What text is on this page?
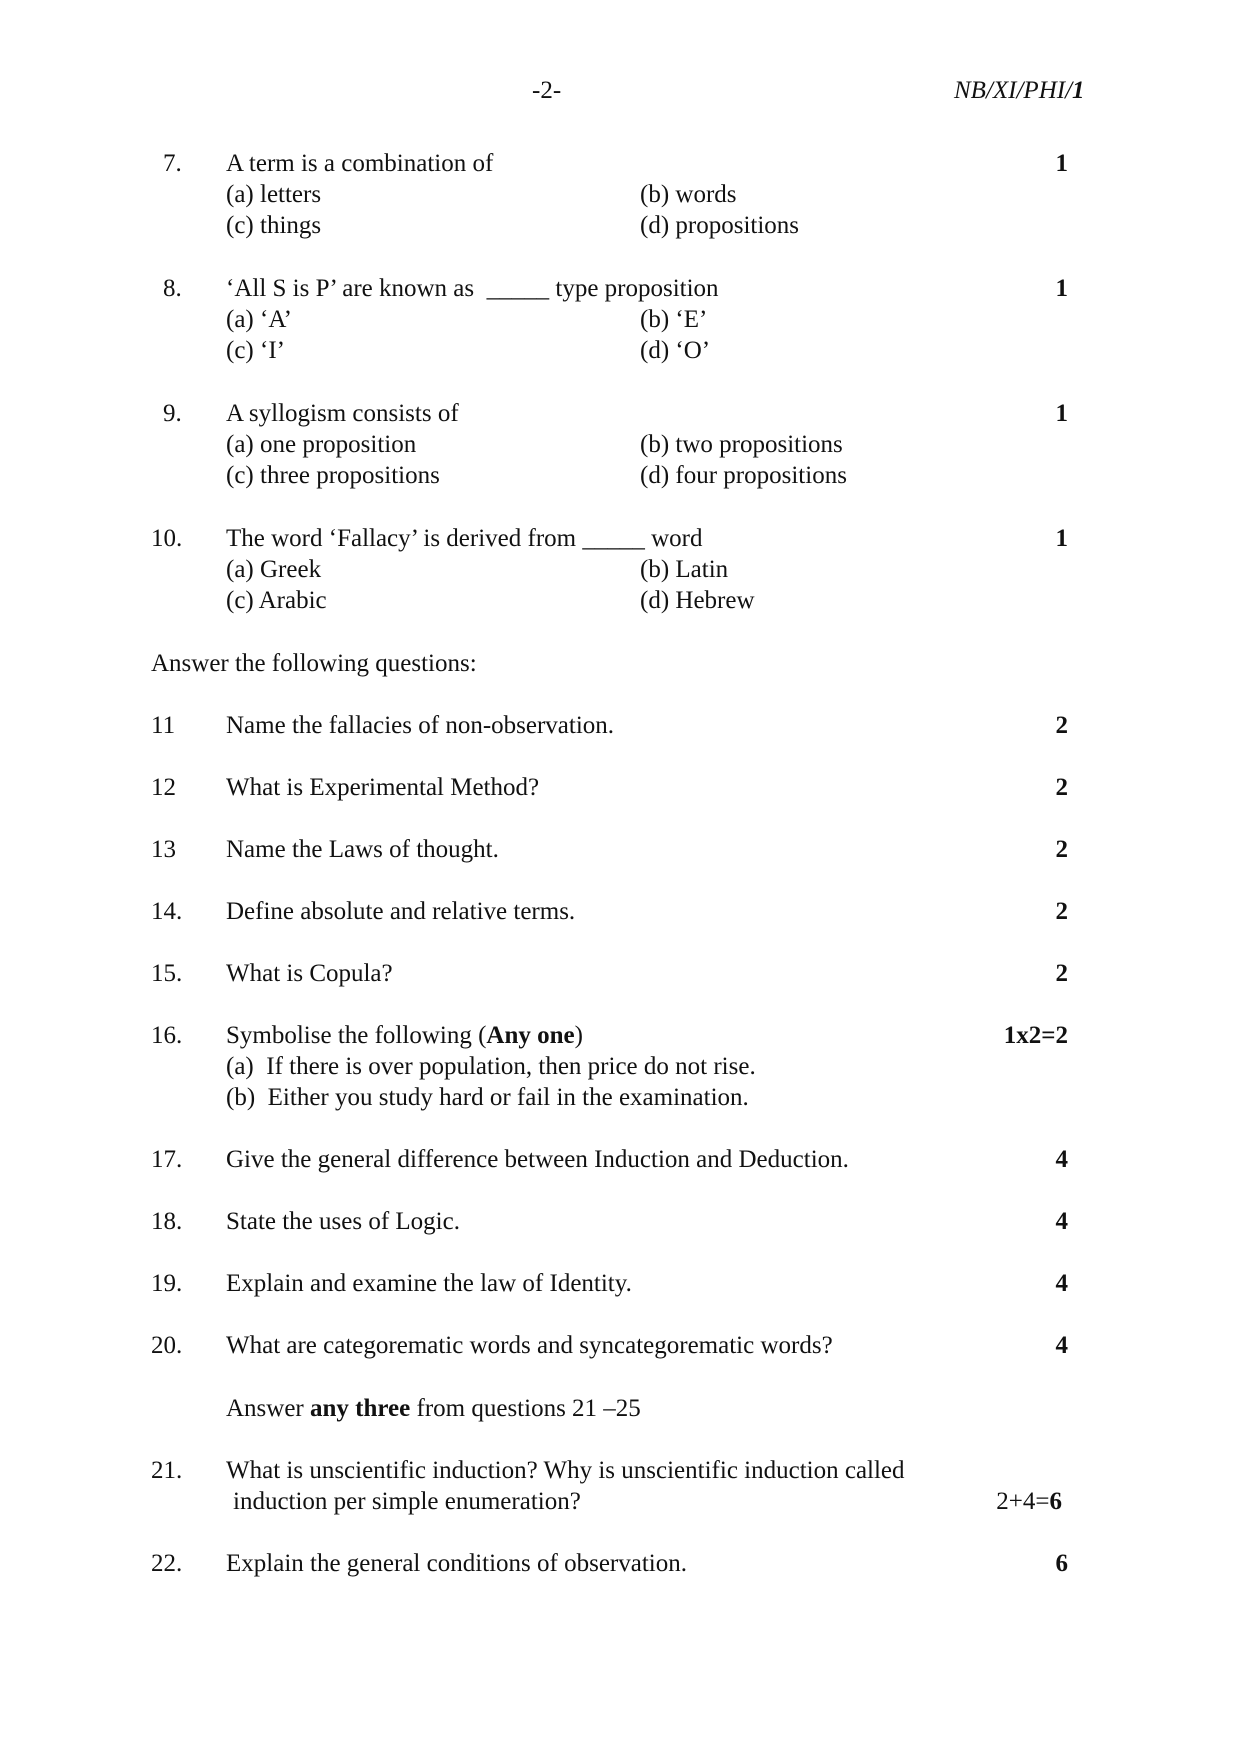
-2-	NB/XI/PHI/1
7. A term is a combination of	1
(a) letters	(b) words
(c) things	(d) propositions
8. ‘All S is P’ are known as  _____ type proposition	1
(a) ‘A’	(b) ‘E’
(c) ‘I’	(d) ‘O’
9. A syllogism consists of	1
(a) one proposition	(b) two propositions
(c) three propositions	(d) four propositions
10. The word ‘Fallacy’ is derived from _____ word	1
(a) Greek	(b) Latin
(c) Arabic	(d) Hebrew
Answer the following questions:
11 Name the fallacies of non-observation.	2
12 What is Experimental Method?	2
13 Name the Laws of thought.	2
14. Define absolute and relative terms.	2
15. What is Copula?	2
16. Symbolise the following (Any one)	1x2=2
(a)  If there is over population, then price do not rise.
(b)  Either you study hard or fail in the examination.
17. Give the general difference between Induction and Deduction.	4
18. State the uses of Logic.	4
19. Explain and examine the law of Identity.	4
20. What are categorematic words and syncategorematic words?	4
Answer any three from questions 21 –25
21. What is unscientific induction? Why is unscientific induction called
induction per simple enumeration?	2+4=6
22. Explain the general conditions of observation.	6
